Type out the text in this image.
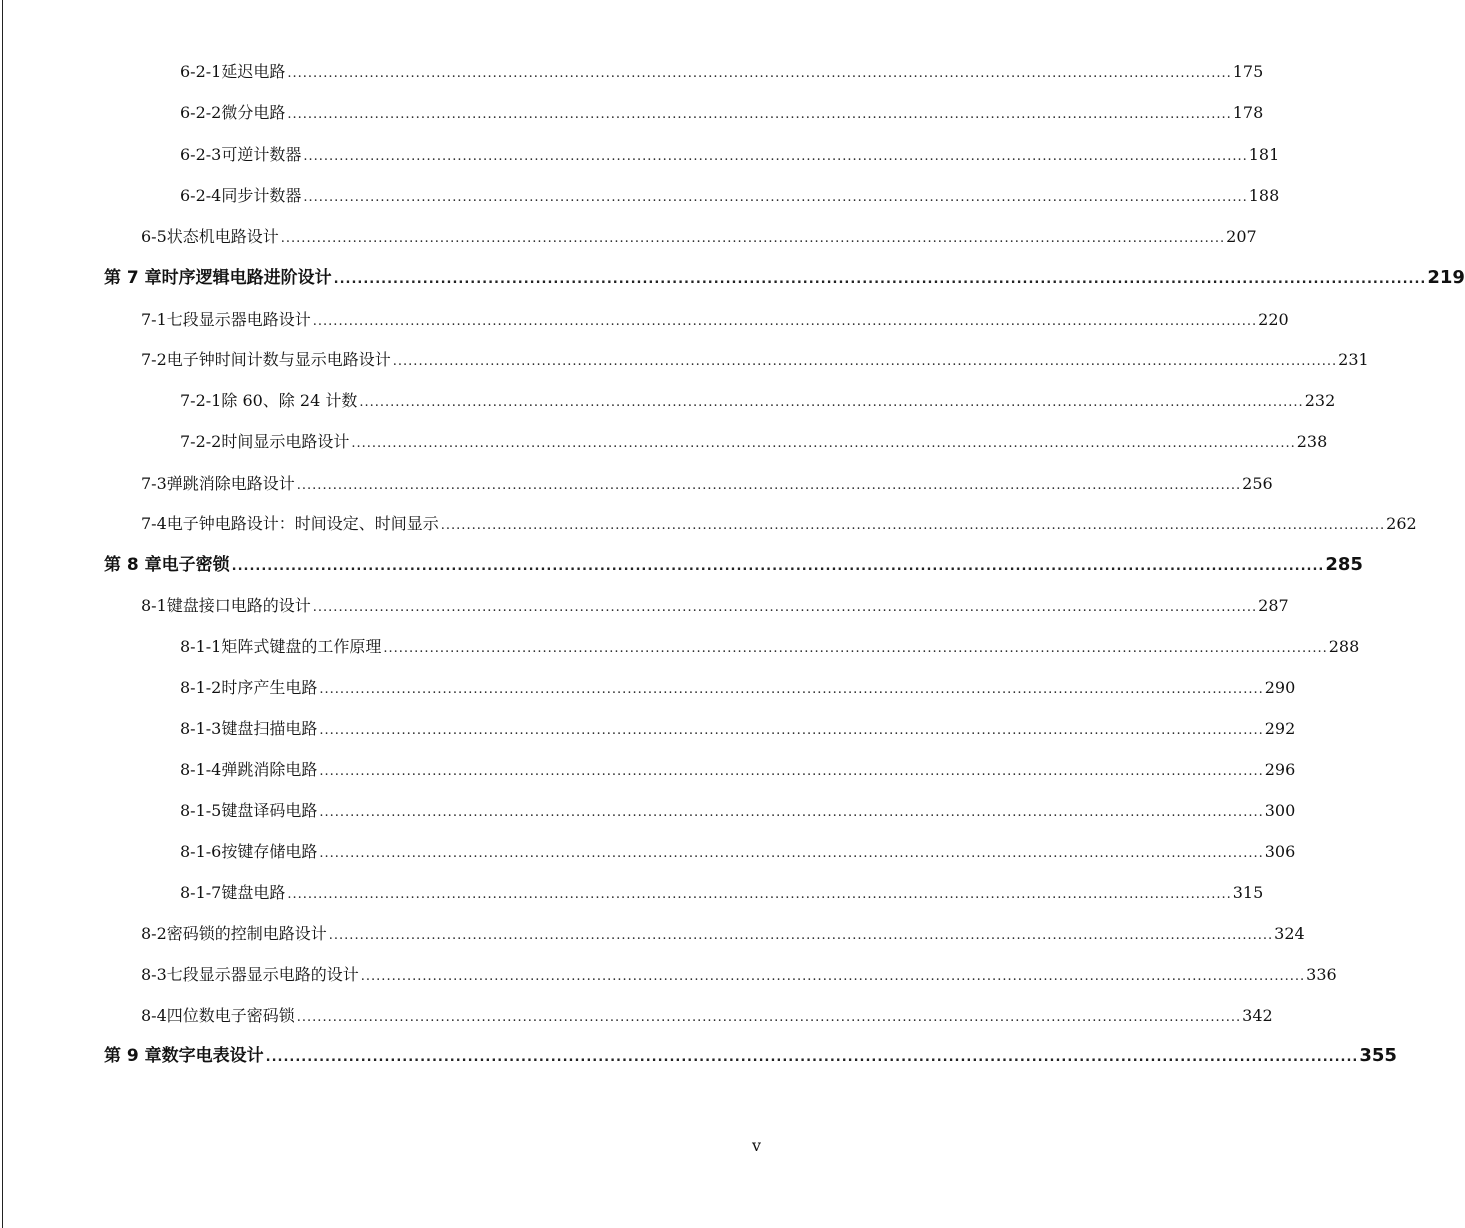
6-2-1 延迟电路 ........................................................................................................................................................................................ 175
6-2-2 微分电路 ........................................................................................................................................................................................ 178
6-2-3 可逆计数器 ........................................................................................................................................................................................ 181
6-2-4 同步计数器 ........................................................................................................................................................................................ 188
6-5 状态机电路设计 ........................................................................................................................................................................................ 207
第 7 章 时序逻辑电路进阶设计 ........................................................................................................................................................................................ 219
7-1 七段显示器电路设计 ........................................................................................................................................................................................ 220
7-2 电子钟时间计数与显示电路设计 ........................................................................................................................................................................................ 231
7-2-1 除 60、除 24 计数 ........................................................................................................................................................................................ 232
7-2-2 时间显示电路设计 ........................................................................................................................................................................................ 238
7-3 弹跳消除电路设计 ........................................................................................................................................................................................ 256
7-4 电子钟电路设计：时间设定、时间显示 ........................................................................................................................................................................................ 262
第 8 章 电子密锁 ........................................................................................................................................................................................ 285
8-1 键盘接口电路的设计 ........................................................................................................................................................................................ 287
8-1-1 矩阵式键盘的工作原理 ........................................................................................................................................................................................ 288
8-1-2 时序产生电路 ........................................................................................................................................................................................ 290
8-1-3 键盘扫描电路 ........................................................................................................................................................................................ 292
8-1-4 弹跳消除电路 ........................................................................................................................................................................................ 296
8-1-5 键盘译码电路 ........................................................................................................................................................................................ 300
8-1-6 按键存储电路 ........................................................................................................................................................................................ 306
8-1-7 键盘电路 ........................................................................................................................................................................................ 315
8-2 密码锁的控制电路设计 ........................................................................................................................................................................................ 324
8-3 七段显示器显示电路的设计 ........................................................................................................................................................................................ 336
8-4 四位数电子密码锁 ........................................................................................................................................................................................ 342
第 9 章 数字电表设计 ........................................................................................................................................................................................ 355
v
